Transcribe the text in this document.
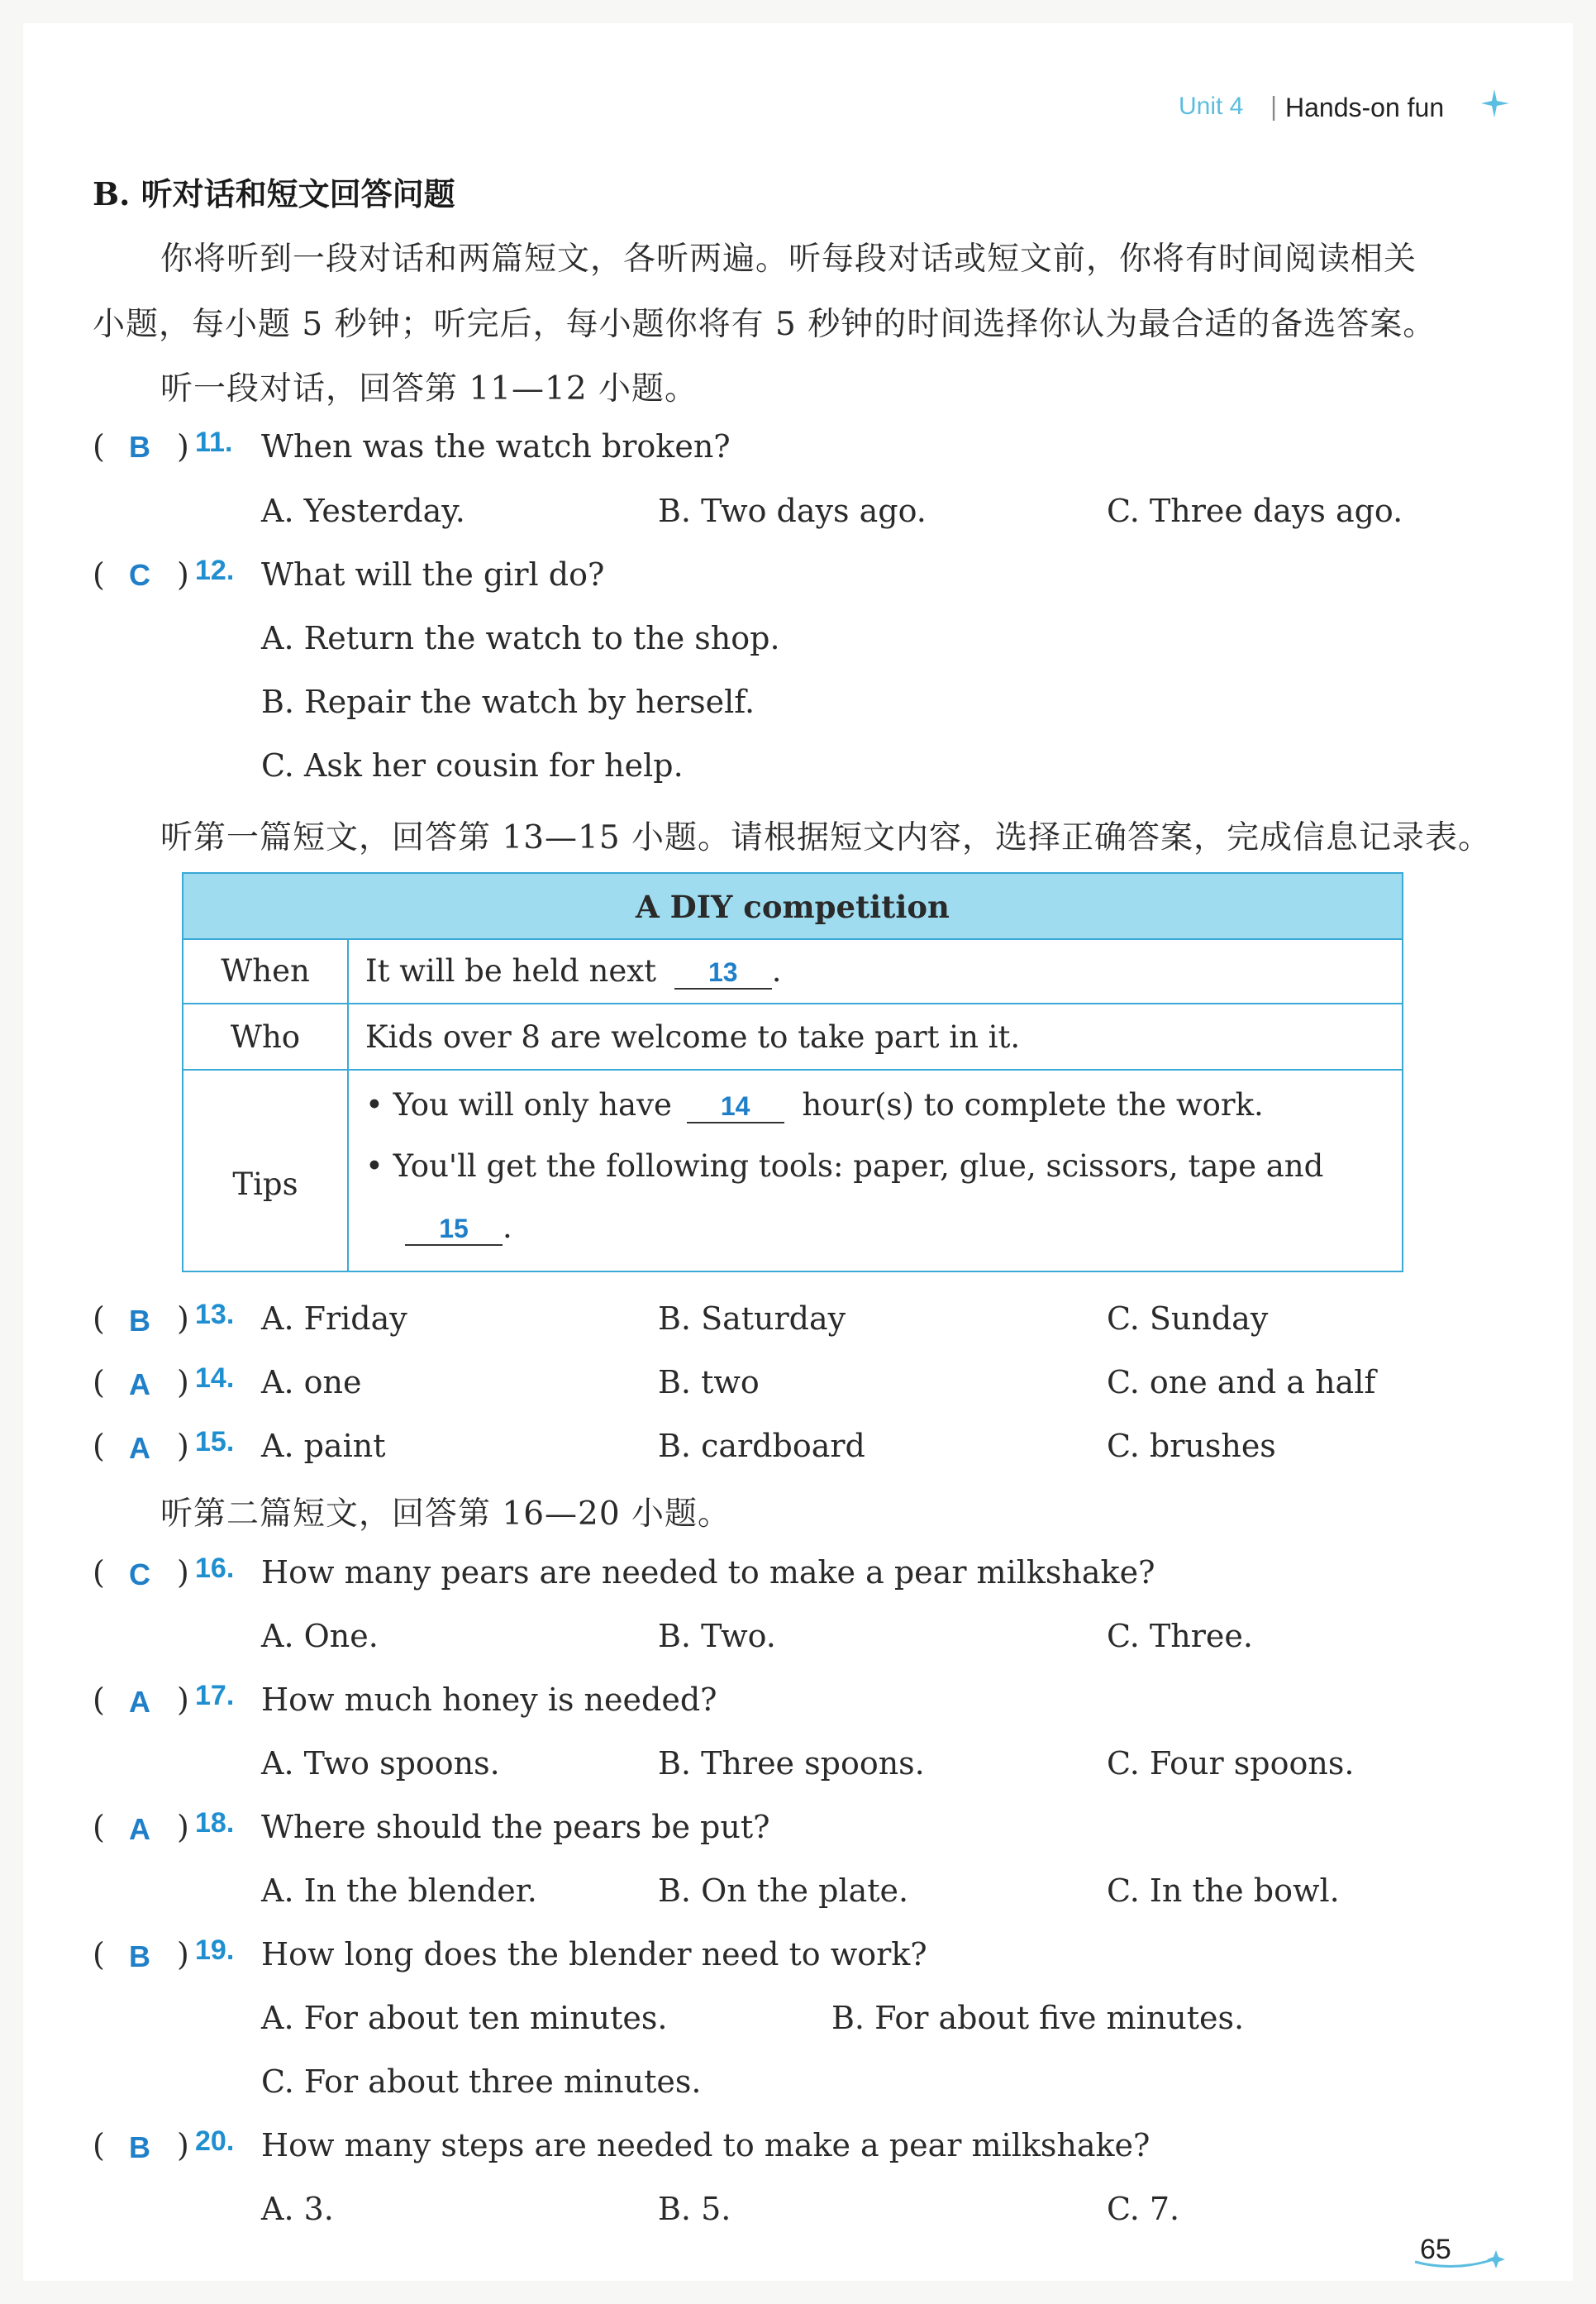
Unit 4 | Hands-on fun
B. 听对话和短文回答问题
你将听到一段对话和两篇短文，各听两遍。听每段对话或短文前，你将有时间阅读相关
小题，每小题 5 秒钟；听完后，每小题你将有 5 秒钟的时间选择你认为最合适的备选答案。
听一段对话，回答第 11—12 小题。
( B ) 11. When was the watch broken?
A. Yesterday.	B. Two days ago.	C. Three days ago.
( C ) 12. What will the girl do?
A. Return the watch to the shop.
B. Repair the watch by herself.
C. Ask her cousin for help.
听第一篇短文，回答第 13—15 小题。请根据短文内容，选择正确答案，完成信息记录表。
A DIY competition
When	It will be held next 13 .
Who	Kids over 8 are welcome to take part in it.
Tips
• You will only have 14 hour(s) to complete the work.
• You'll get the following tools: paper, glue, scissors, tape and
15 .
( B ) 13. A. Friday	B. Saturday	C. Sunday
( A ) 14. A. one	B. two	C. one and a half
( A ) 15. A. paint	B. cardboard	C. brushes
听第二篇短文，回答第 16—20 小题。
( C ) 16. How many pears are needed to make a pear milkshake?
A. One.	B. Two.	C. Three.
( A ) 17. How much honey is needed?
A. Two spoons.	B. Three spoons.	C. Four spoons.
( A ) 18. Where should the pears be put?
A. In the blender.	B. On the plate.	C. In the bowl.
( B ) 19. How long does the blender need to work?
A. For about ten minutes.	B. For about five minutes.
C. For about three minutes.
( B ) 20. How many steps are needed to make a pear milkshake?
A. 3.	B. 5.	C. 7.
65
